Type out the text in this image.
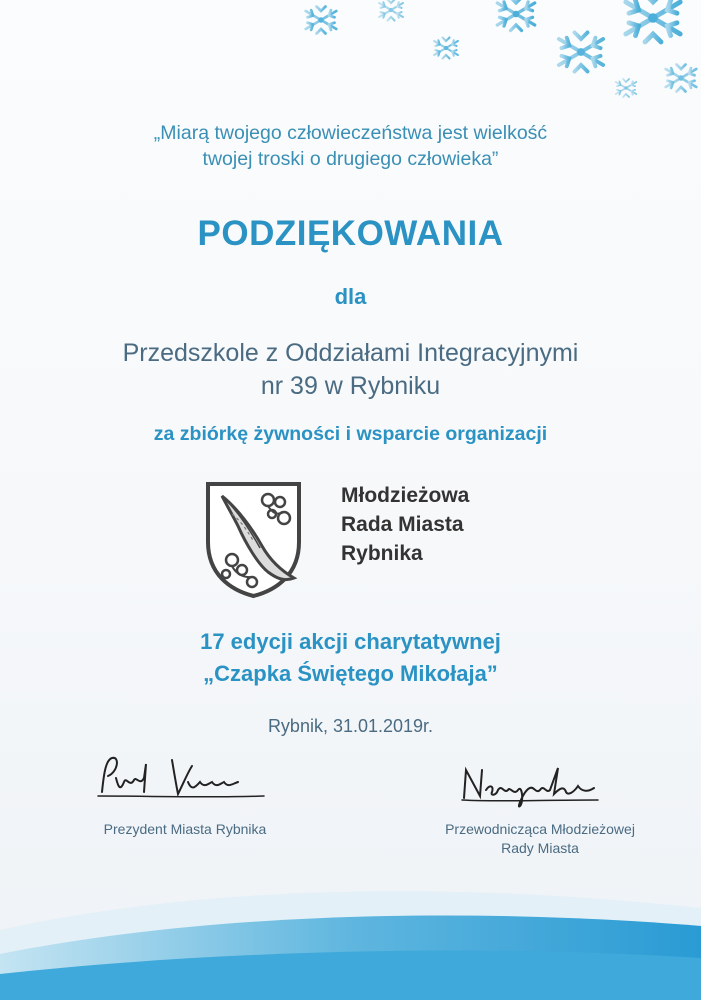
„Miarą twojego człowieczeństwa jest wielkość
twojej troski o drugiego człowieka”
PODZIĘKOWANIA
dla
Przedszkole z Oddziałami Integracyjnymi
nr 39 w Rybniku
za zbiórkę żywności i wsparcie organizacji
Młodzieżowa
Rada Miasta
Rybnika
17 edycji akcji charytatywnej
„Czapka Świętego Mikołaja”
Rybnik, 31.01.2019r.
Prezydent Miasta Rybnika	Przewodnicząca Młodzieżowej
Rady Miasta
